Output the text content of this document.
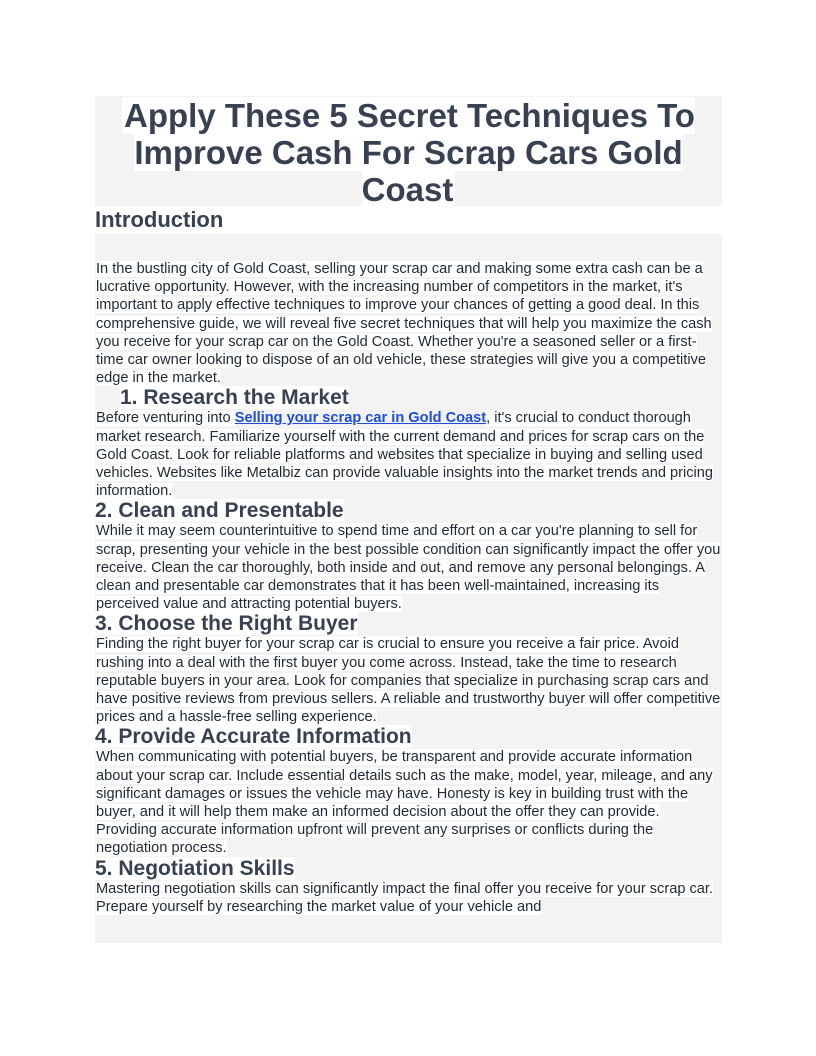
Apply These 5 Secret Techniques To Improve Cash For Scrap Cars Gold Coast
Introduction

In the bustling city of Gold Coast, selling your scrap car and making some extra cash can be a lucrative opportunity. However, with the increasing number of competitors in the market, it's important to apply effective techniques to improve your chances of getting a good deal. In this comprehensive guide, we will reveal five secret techniques that will help you maximize the cash you receive for your scrap car on the Gold Coast. Whether you're a seasoned seller or a first-time car owner looking to dispose of an old vehicle, these strategies will give you a competitive edge in the market.

1. Research the Market

Before venturing into Selling your scrap car in Gold Coast, it's crucial to conduct thorough market research. Familiarize yourself with the current demand and prices for scrap cars on the Gold Coast. Look for reliable platforms and websites that specialize in buying and selling used vehicles. Websites like Metalbiz can provide valuable insights into the market trends and pricing information.

2. Clean and Presentable

While it may seem counterintuitive to spend time and effort on a car you're planning to sell for scrap, presenting your vehicle in the best possible condition can significantly impact the offer you receive. Clean the car thoroughly, both inside and out, and remove any personal belongings. A clean and presentable car demonstrates that it has been well-maintained, increasing its perceived value and attracting potential buyers.

3. Choose the Right Buyer

Finding the right buyer for your scrap car is crucial to ensure you receive a fair price. Avoid rushing into a deal with the first buyer you come across. Instead, take the time to research reputable buyers in your area. Look for companies that specialize in purchasing scrap cars and have positive reviews from previous sellers. A reliable and trustworthy buyer will offer competitive prices and a hassle-free selling experience.

4. Provide Accurate Information

When communicating with potential buyers, be transparent and provide accurate information about your scrap car. Include essential details such as the make, model, year, mileage, and any significant damages or issues the vehicle may have. Honesty is key in building trust with the buyer, and it will help them make an informed decision about the offer they can provide. Providing accurate information upfront will prevent any surprises or conflicts during the negotiation process.

5. Negotiation Skills

Mastering negotiation skills can significantly impact the final offer you receive for your scrap car. Prepare yourself by researching the market value of your vehicle and
